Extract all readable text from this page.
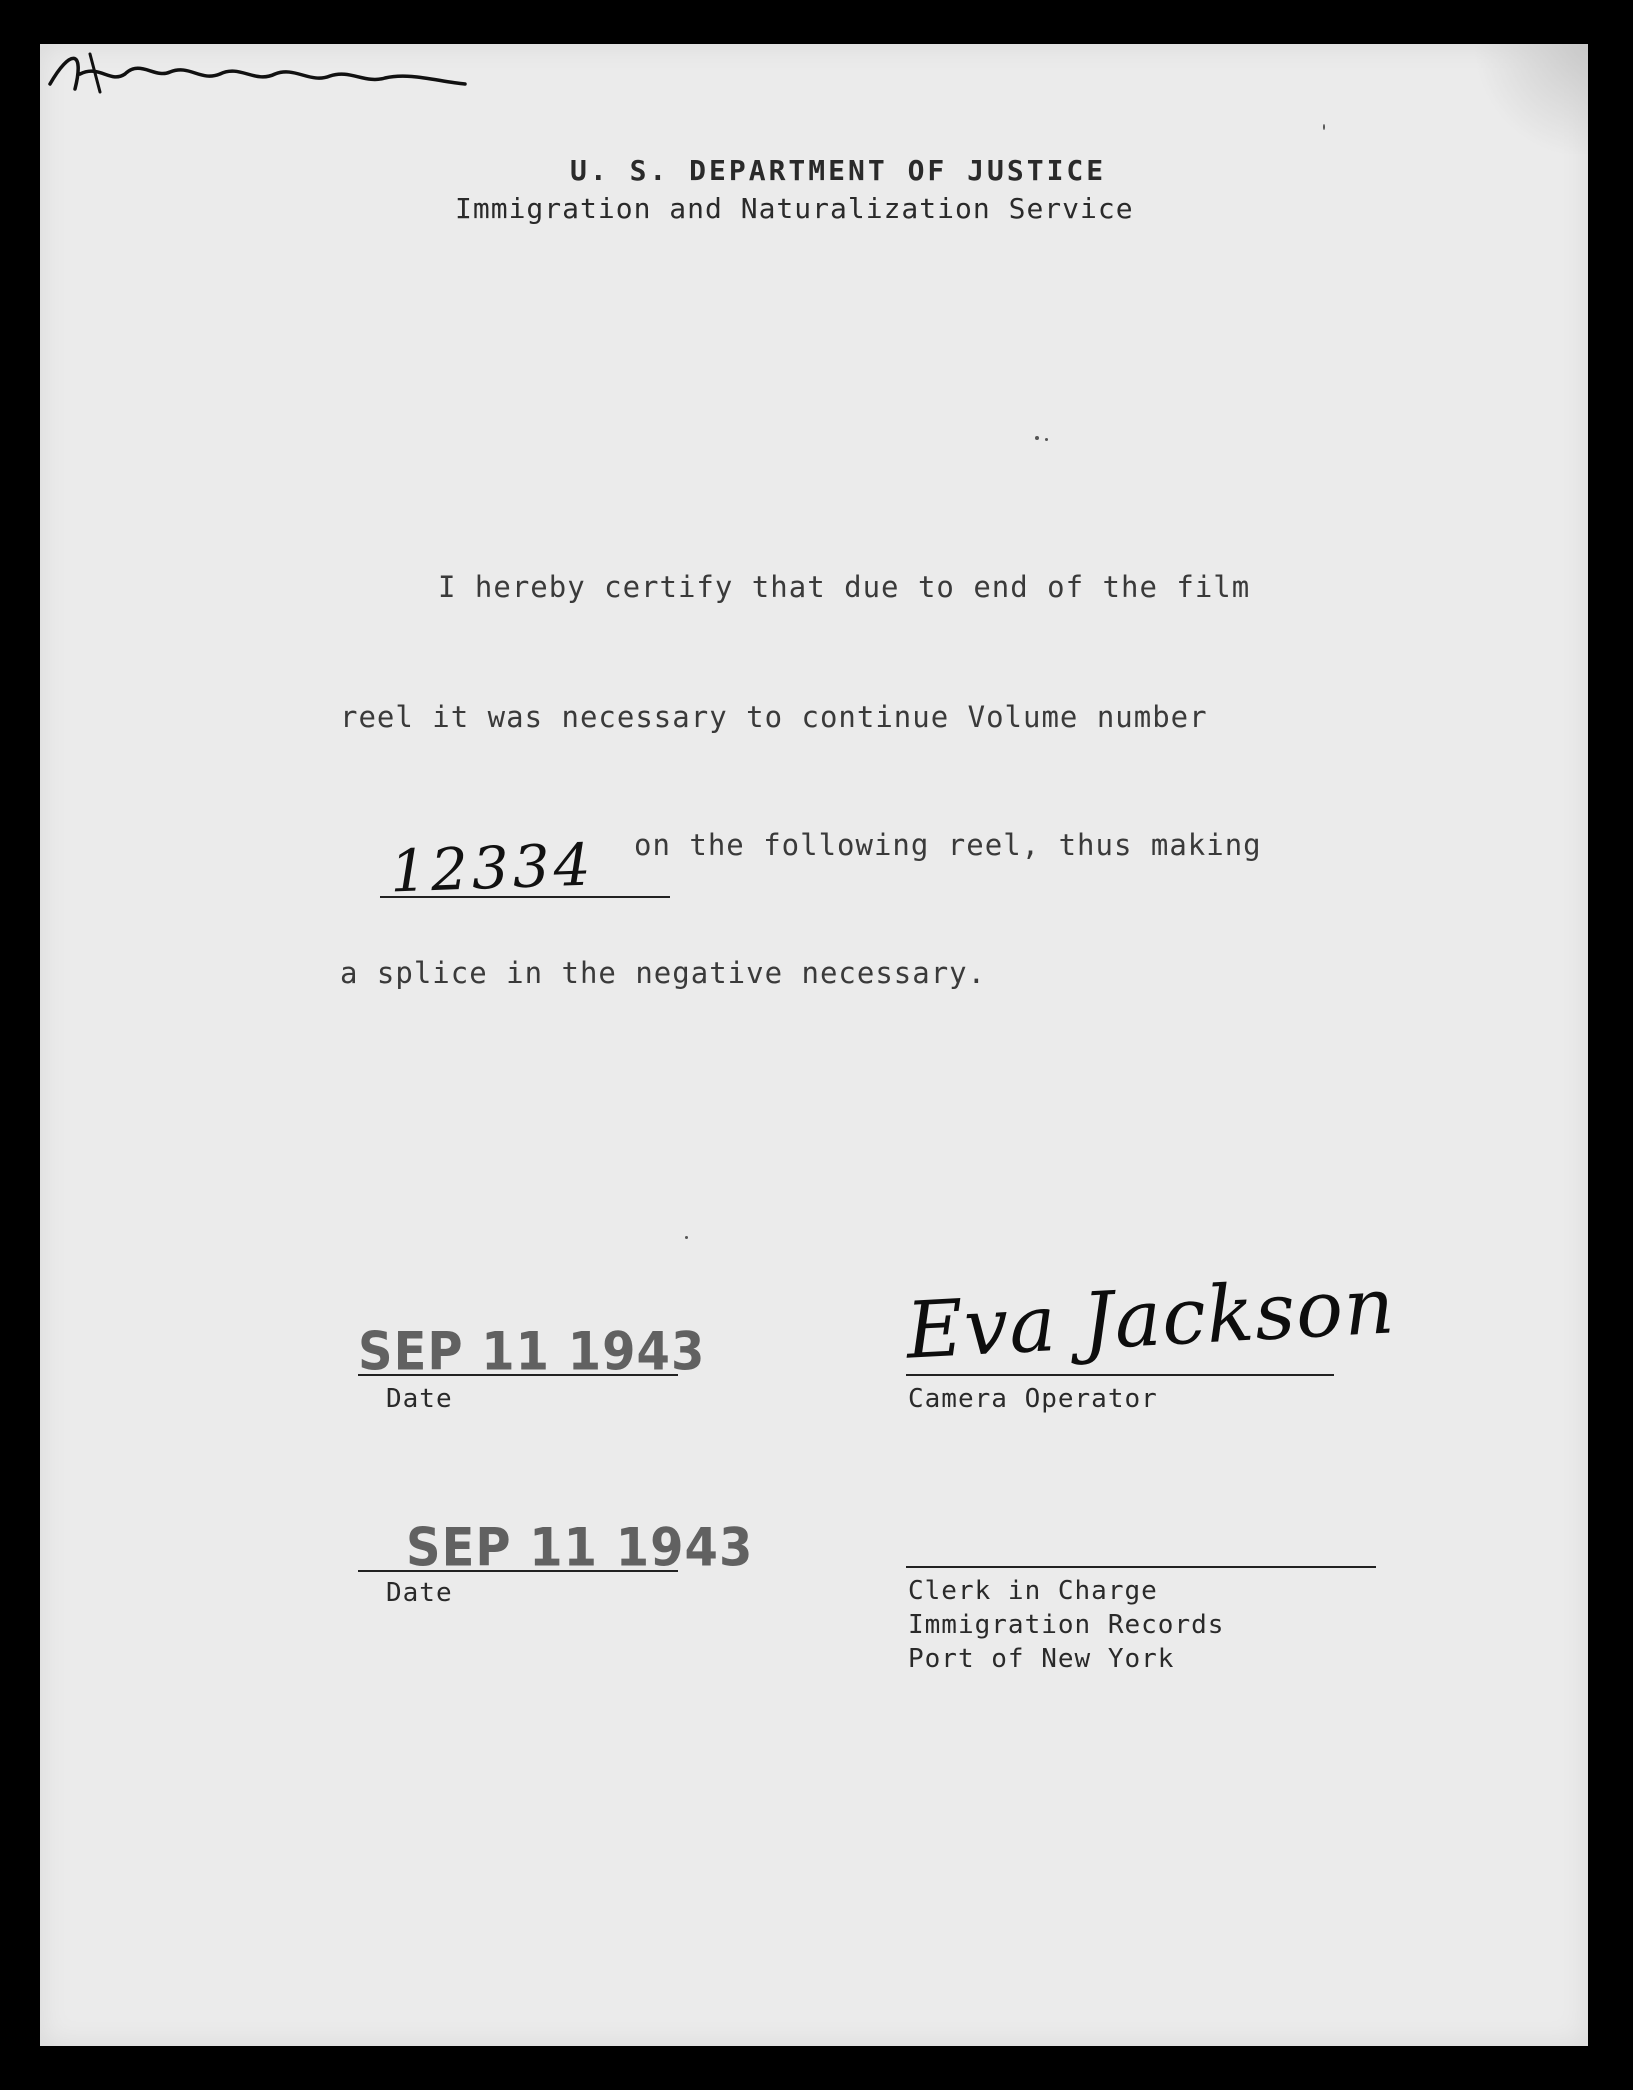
U. S. DEPARTMENT OF JUSTICE
Immigration and Naturalization Service
I hereby certify that due to end of the film
reel it was necessary to continue Volume number
12334 on the following reel, thus making
a splice in the negative necessary.
SEP 11 1943
Date
Eva Jackson
Camera Operator
SEP 11 1943
Date	Clerk in Charge
Immigration Records
Port of New York
